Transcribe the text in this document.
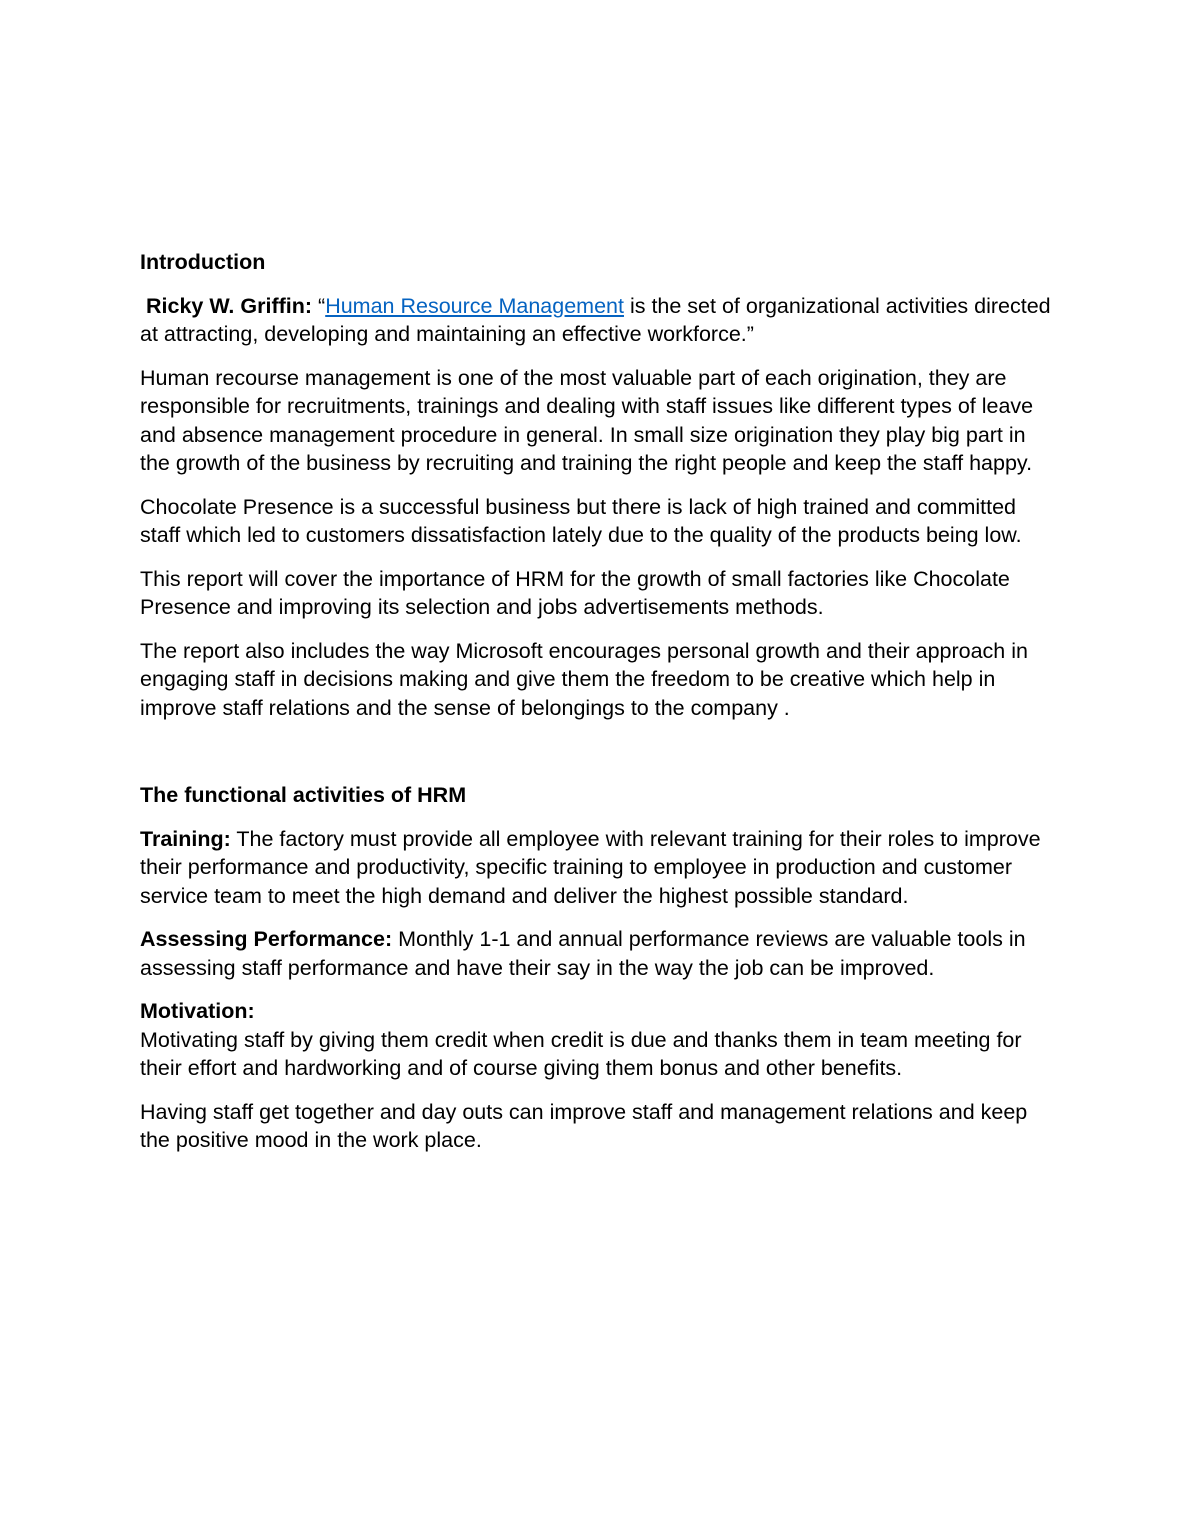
Introduction

Ricky W. Griffin: “Human Resource Management is the set of organizational activities directed at attracting, developing and maintaining an effective workforce.”

Human recourse management is one of the most valuable part of each origination, they are responsible for recruitments, trainings and dealing with staff issues like different types of leave and absence management procedure in general. In small size origination they play big part in the growth of the business by recruiting and training the right people and keep the staff happy.

Chocolate Presence is a successful business but there is lack of high trained and committed staff which led to customers dissatisfaction lately due to the quality of the products being low.

This report will cover the importance of HRM for the growth of small factories like Chocolate Presence and improving its selection and jobs advertisements methods.

The report also includes the way Microsoft encourages personal growth and their approach in engaging staff in decisions making and give them the freedom to be creative which help in improve staff relations and the sense of belongings to the company .

The functional activities of HRM

Training: The factory must provide all employee with relevant training for their roles to improve their performance and productivity, specific training to employee in production and customer service team to meet the high demand and deliver the highest possible standard.

Assessing Performance: Monthly 1-1 and annual performance reviews are valuable tools in assessing staff performance and have their say in the way the job can be improved.

Motivation:

Motivating staff by giving them credit when credit is due and thanks them in team meeting for their effort and hardworking and of course giving them bonus and other benefits.

Having staff get together and day outs can improve staff and management relations and keep the positive mood in the work place.
